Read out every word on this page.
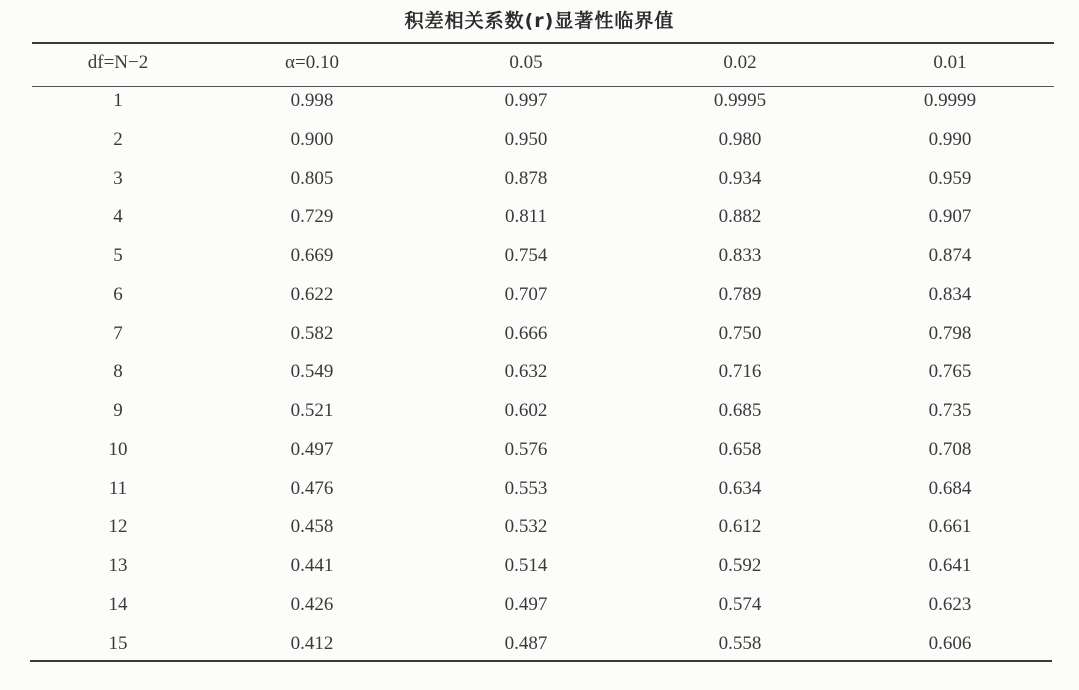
积差相关系数(r)显著性临界值
df=N−2	α=0.10	0.05	0.02	0.01
1	0.998	0.997	0.9995	0.9999
2	0.900	0.950	0.980	0.990
3	0.805	0.878	0.934	0.959
4	0.729	0.811	0.882	0.907
5	0.669	0.754	0.833	0.874
6	0.622	0.707	0.789	0.834
7	0.582	0.666	0.750	0.798
8	0.549	0.632	0.716	0.765
9	0.521	0.602	0.685	0.735
10	0.497	0.576	0.658	0.708
11	0.476	0.553	0.634	0.684
12	0.458	0.532	0.612	0.661
13	0.441	0.514	0.592	0.641
14	0.426	0.497	0.574	0.623
15	0.412	0.487	0.558	0.606
